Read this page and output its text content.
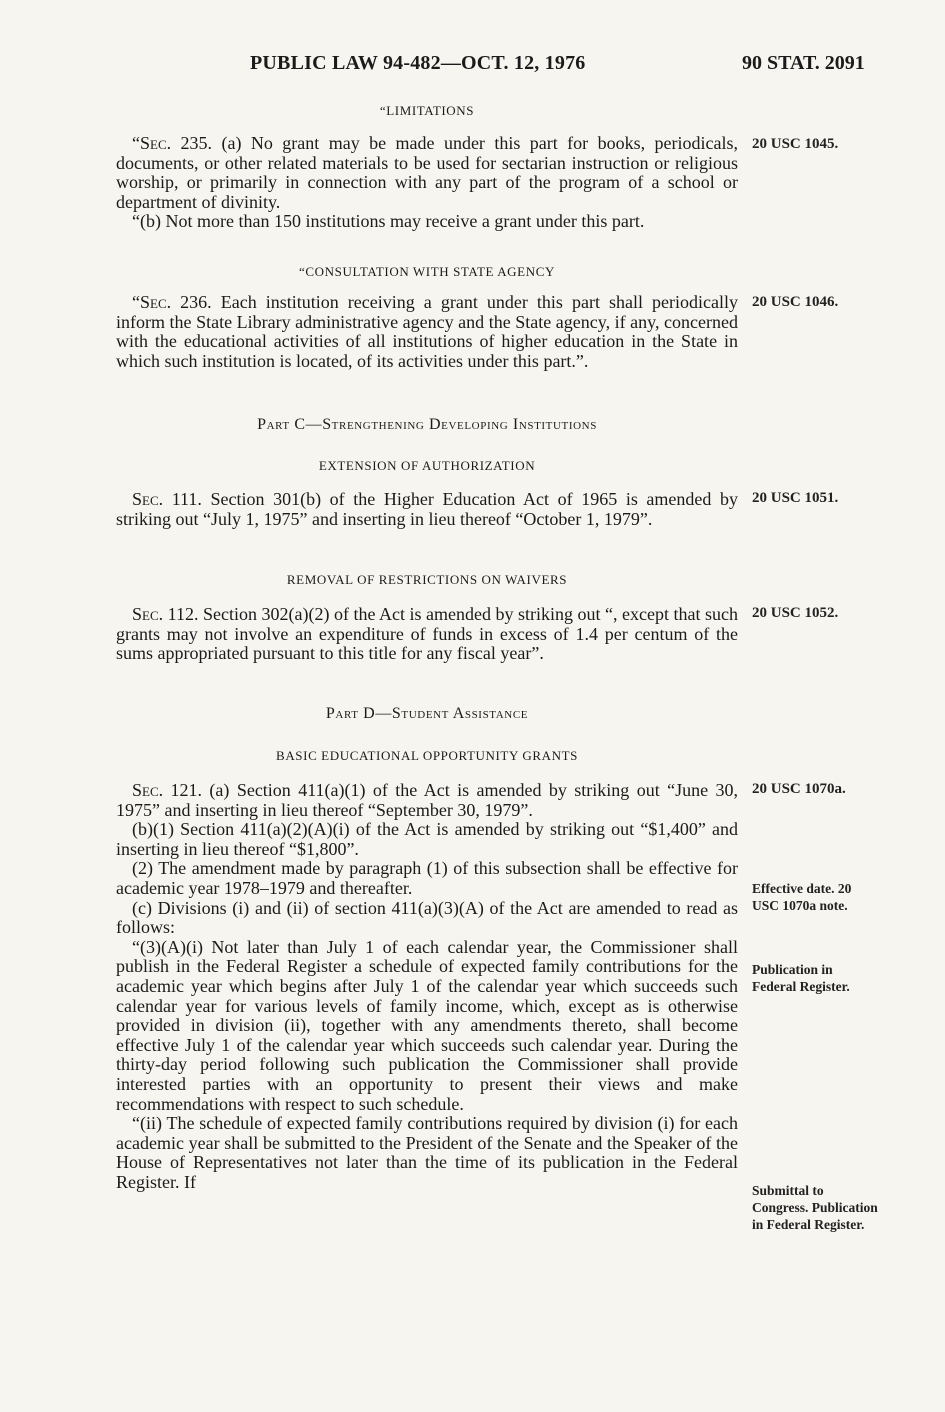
PUBLIC LAW 94-482—OCT. 12, 1976	90 STAT. 2091
“LIMITATIONS

“Sec. 235. (a) No grant may be made under this part for books, periodicals, documents, or other related materials to be used for sectarian instruction or religious worship, or primarily in connection with any part of the program of a school or department of divinity.

“(b) Not more than 150 institutions may receive a grant under this part.

20 USC 1045.
“CONSULTATION WITH STATE AGENCY

“Sec. 236. Each institution receiving a grant under this part shall periodically inform the State Library administrative agency and the State agency, if any, concerned with the educational activities of all institutions of higher education in the State in which such institution is located, of its activities under this part.”.

20 USC 1046.
Part C—Strengthening Developing Institutions
EXTENSION OF AUTHORIZATION

Sec. 111. Section 301(b) of the Higher Education Act of 1965 is amended by striking out “July 1, 1975” and inserting in lieu thereof “October 1, 1979”.

20 USC 1051.
REMOVAL OF RESTRICTIONS ON WAIVERS

Sec. 112. Section 302(a)(2) of the Act is amended by striking out “, except that such grants may not involve an expenditure of funds in excess of 1.4 per centum of the sums appropriated pursuant to this title for any fiscal year”.

20 USC 1052.
Part D—Student Assistance
BASIC EDUCATIONAL OPPORTUNITY GRANTS

Sec. 121. (a) Section 411(a)(1) of the Act is amended by striking out “June 30, 1975” and inserting in lieu thereof “September 30, 1979”.

(b)(1) Section 411(a)(2)(A)(i) of the Act is amended by striking out “$1,400” and inserting in lieu thereof “$1,800”.

(2) The amendment made by paragraph (1) of this subsection shall be effective for academic year 1978–1979 and thereafter.

(c) Divisions (i) and (ii) of section 411(a)(3)(A) of the Act are amended to read as follows:

“(3)(A)(i) Not later than July 1 of each calendar year, the Commissioner shall publish in the Federal Register a schedule of expected family contributions for the academic year which begins after July 1 of the calendar year which succeeds such calendar year for various levels of family income, which, except as is otherwise provided in division (ii), together with any amendments thereto, shall become effective July 1 of the calendar year which succeeds such calendar year. During the thirty-day period following such publication the Commissioner shall provide interested parties with an opportunity to present their views and make recommendations with respect to such schedule.

“(ii) The schedule of expected family contributions required by division (i) for each academic year shall be submitted to the President of the Senate and the Speaker of the House of Representatives not later than the time of its publication in the Federal Register. If

20 USC 1070a.
Effective date. 20 USC 1070a note.
Publication in Federal Register.
Submittal to Congress. Publication in Federal Register.
